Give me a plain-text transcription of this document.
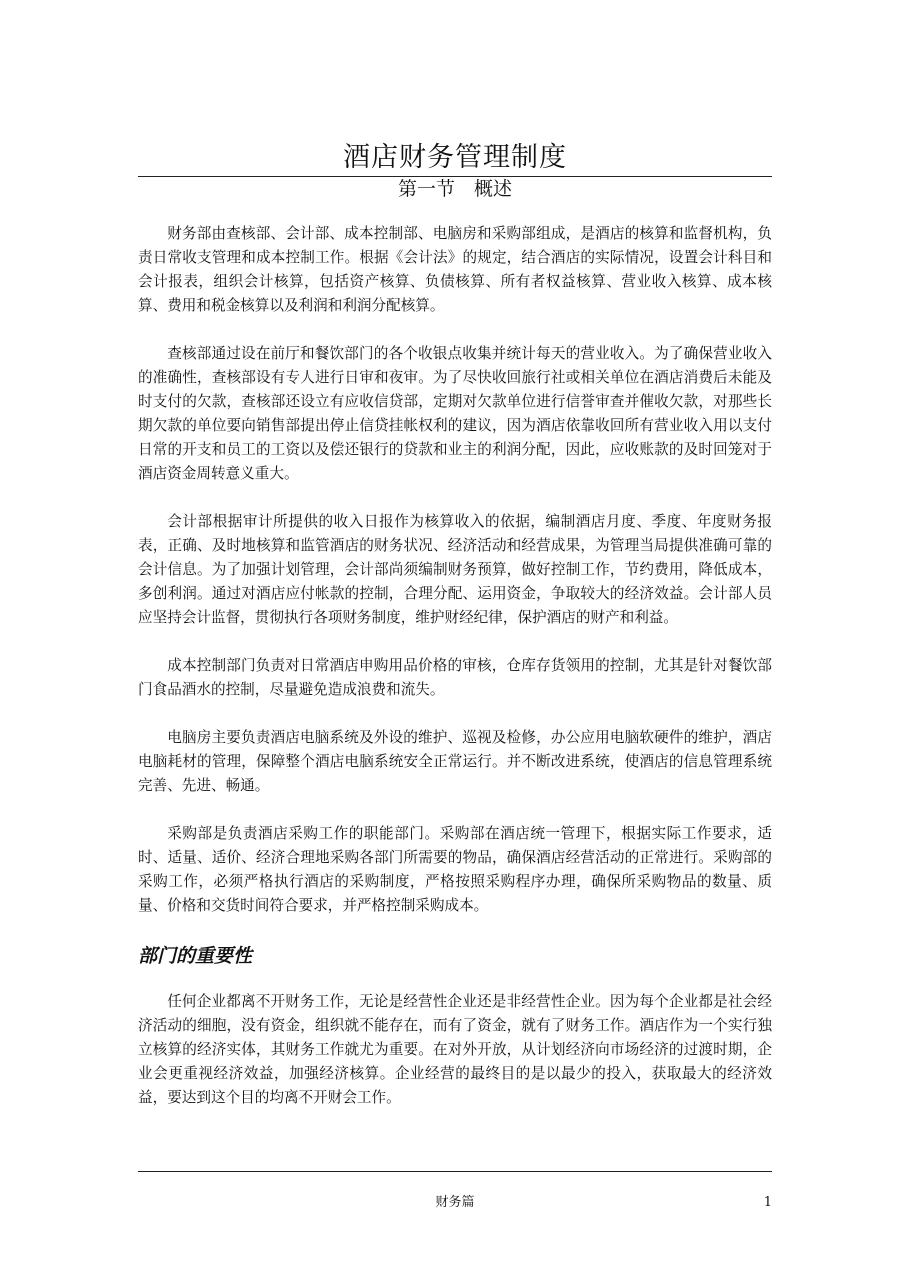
酒店财务管理制度
第一节　概述

财务部由查核部、会计部、成本控制部、电脑房和采购部组成，是酒店的核算和监督机构，负责日常收支管理和成本控制工作。根据《会计法》的规定，结合酒店的实际情况，设置会计科目和会计报表，组织会计核算，包括资产核算、负债核算、所有者权益核算、营业收入核算、成本核算、费用和税金核算以及利润和利润分配核算。

查核部通过设在前厅和餐饮部门的各个收银点收集并统计每天的营业收入。为了确保营业收入的准确性，查核部设有专人进行日审和夜审。为了尽快收回旅行社或相关单位在酒店消费后未能及时支付的欠款，查核部还设立有应收信贷部，定期对欠款单位进行信誉审查并催收欠款，对那些长期欠款的单位要向销售部提出停止信贷挂帐权利的建议，因为酒店依靠收回所有营业收入用以支付日常的开支和员工的工资以及偿还银行的贷款和业主的利润分配，因此，应收账款的及时回笼对于酒店资金周转意义重大。

会计部根据审计所提供的收入日报作为核算收入的依据，编制酒店月度、季度、年度财务报表，正确、及时地核算和监管酒店的财务状况、经济活动和经营成果，为管理当局提供准确可靠的会计信息。为了加强计划管理，会计部尚须编制财务预算，做好控制工作，节约费用，降低成本，多创利润。通过对酒店应付帐款的控制，合理分配、运用资金，争取较大的经济效益。会计部人员应坚持会计监督，贯彻执行各项财务制度，维护财经纪律，保护酒店的财产和利益。

成本控制部门负责对日常酒店申购用品价格的审核，仓库存货领用的控制，尤其是针对餐饮部门食品酒水的控制，尽量避免造成浪费和流失。

电脑房主要负责酒店电脑系统及外设的维护、巡视及检修，办公应用电脑软硬件的维护，酒店电脑耗材的管理，保障整个酒店电脑系统安全正常运行。并不断改进系统，使酒店的信息管理系统完善、先进、畅通。

采购部是负责酒店采购工作的职能部门。采购部在酒店统一管理下，根据实际工作要求，适时、适量、适价、经济合理地采购各部门所需要的物品，确保酒店经营活动的正常进行。采购部的采购工作，必须严格执行酒店的采购制度，严格按照采购程序办理，确保所采购物品的数量、质量、价格和交货时间符合要求，并严格控制采购成本。

部门的重要性

任何企业都离不开财务工作，无论是经营性企业还是非经营性企业。因为每个企业都是社会经济活动的细胞，没有资金，组织就不能存在，而有了资金，就有了财务工作。酒店作为一个实行独立核算的经济实体，其财务工作就尤为重要。在对外开放，从计划经济向市场经济的过渡时期，企业会更重视经济效益，加强经济核算。企业经营的最终目的是以最少的投入，获取最大的经济效益，要达到这个目的均离不开财会工作。

财务篇	1
